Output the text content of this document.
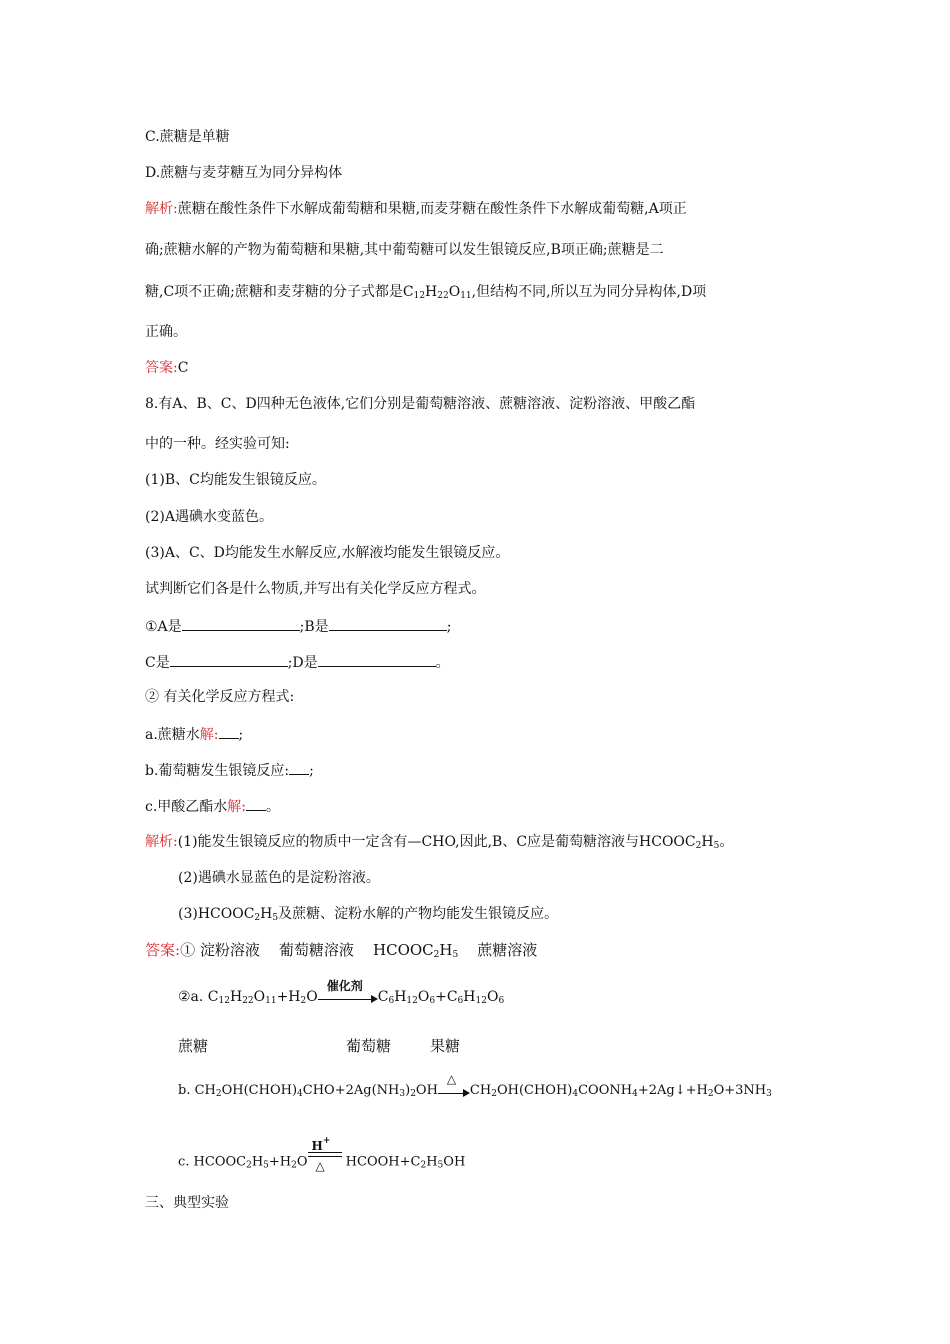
C.蔗糖是单糖
D.蔗糖与麦芽糖互为同分异构体
解析:蔗糖在酸性条件下水解成葡萄糖和果糖,而麦芽糖在酸性条件下水解成葡萄糖,A项正
确;蔗糖水解的产物为葡萄糖和果糖,其中葡萄糖可以发生银镜反应,B项正确;蔗糖是二
糖,C项不正确;蔗糖和麦芽糖的分子式都是$C_{12}H_{22}O_{11}$,但结构不同,所以互为同分异构体,D项
正确。
答案:C
8.有A、B、C、D四种无色液体,它们分别是葡萄糖溶液、蔗糖溶液、淀粉溶液、甲酸乙酯
中的一种。经实验可知:
(1)B、C均能发生银镜反应。
(2)A遇碘水变蓝色。
(3)A、C、D均能发生水解反应,水解液均能发生银镜反应。
试判断它们各是什么物质,并写出有关化学反应方程式。
①A是	;B是	;
C是	;D是	。
② 有关化学反应方程式:
a.蔗糖水解: ;
b.葡萄糖发生银镜反应: ;
c.甲酸乙酯水解: 。
解析:(1)能发生银镜反应的物质中一定含有—CHO,因此,B、C应是葡萄糖溶液与$HCOOC_2H_5$。
(2)遇碘水显蓝色的是淀粉溶液。
$(3)HCOOC_2H_5$及蔗糖、淀粉水解的产物均能发生银镜反应。
答案:① 淀粉溶液 葡萄糖溶液 $HCOOC_2H_5$ 蔗糖溶液
②a. $C_{12}H_{22}O_{11}+H_2O$
催化剂
$C_6H_{12}O_6+C_6H_{12}O_6$
蔗糖	葡萄糖	果糖
b. $CH_2OH(CHOH)_4CHO+2Ag(NH_3)_2OH$
△
$CH_2OH(CHOH)_4COONH_4+2Ag↓+H_2O+3NH_3$
c. $HCOOC_2H_5+H_2O$
H+
△ $HCOOH+C_2H_5OH$
三、典型实验
